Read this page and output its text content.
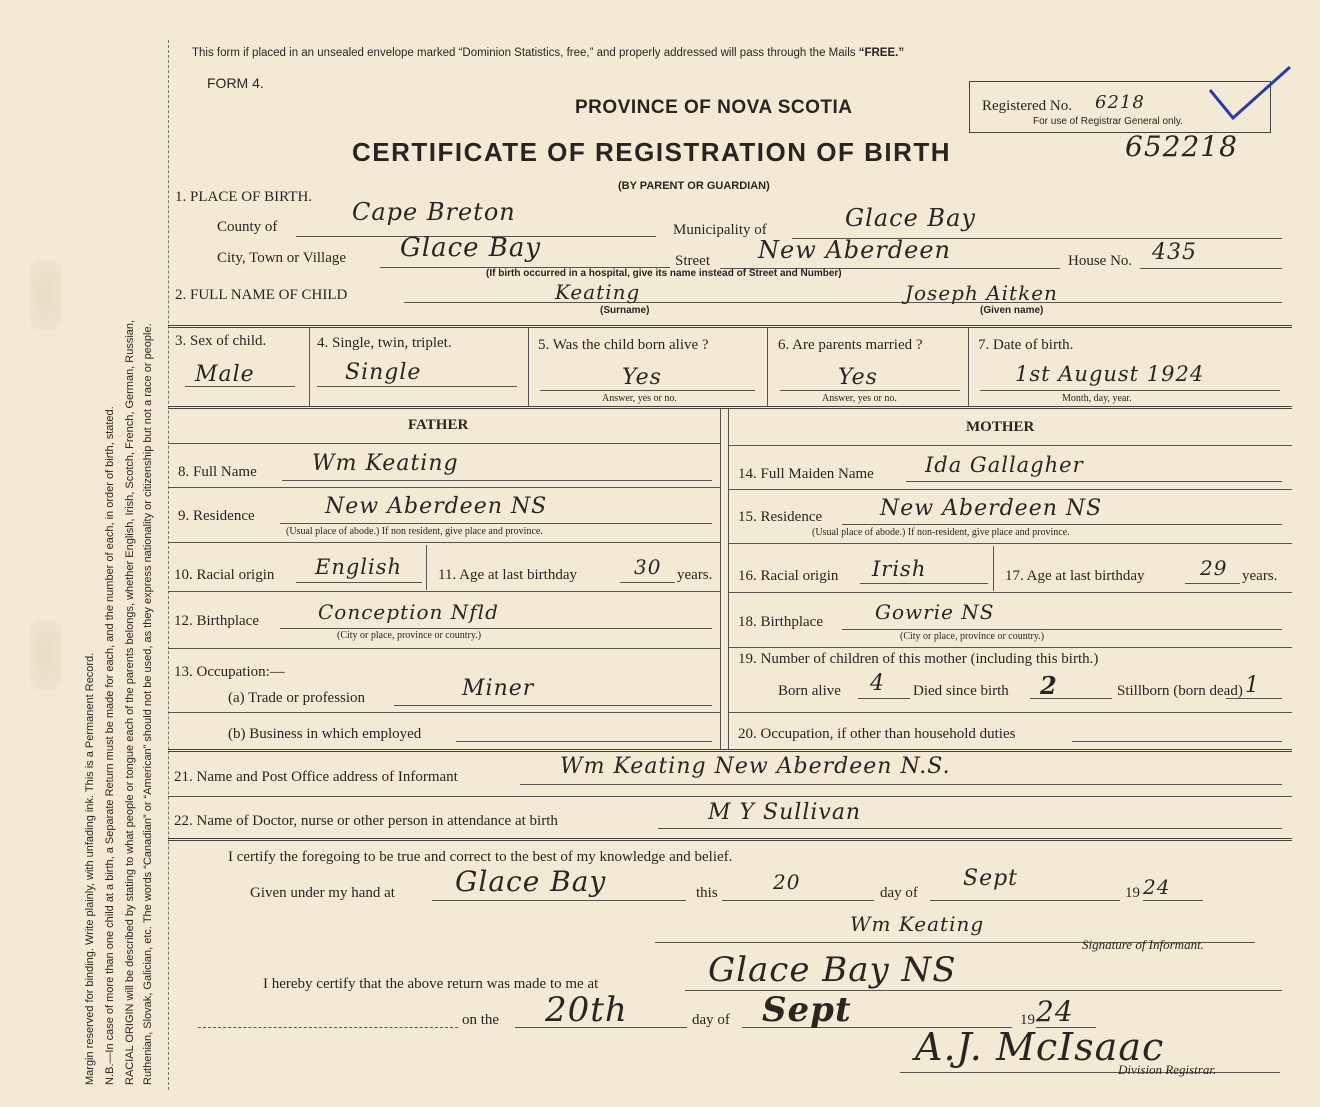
Margin reserved for binding. Write plainly, with unfading ink. This is a Permanent Record. N.B.—In case of more than one child at a birth, a Separate Return must be made for each, and the number of each, in order of birth, stated. RACIAL ORIGIN will be described by stating to what people or tongue each of the parents belongs, whether English, Irish, Scotch, French, German, Russian, Ruthenian, Slovak, Galician, etc. The words “Canadian” or “American” should not be used, as they express nationality or citizenship but not a race or people.
This form if placed in an unsealed envelope marked “Dominion Statistics, free,” and properly addressed will pass through the Mails “FREE.”
FORM 4.
PROVINCE OF NOVA SCOTIA
CERTIFICATE OF REGISTRATION OF BIRTH
(BY PARENT OR GUARDIAN)
Registered No. 6218
For use of Registrar General only.
652218
1. PLACE OF BIRTH.
County of
Cape Breton
Municipality of	Glace Bay
City, Town or Village Glace Bay	Street New Aberdeen	House No. 435
(If birth occurred in a hospital, give its name instead of Street and Number)
2. FULL NAME OF CHILD	Keating
(Surname)
Joseph Aitken
(Given name)
3. Sex of child.
Male
4. Single, twin, triplet.
Single
5. Was the child born alive ?
Yes
Answer, yes or no.
6. Are parents married ?
Yes
Answer, yes or no.
7. Date of birth.
1st August 1924
Month, day, year.
FATHER	MOTHER
8. Full Name	Wm Keating
9. Residence	New Aberdeen NS
(Usual place of abode.) If non resident, give place and province.
10. Racial origin English 11. Age at last birthday	30 years.
12. Birthplace	Conception Nfld
(City or place, province or country.)
13. Occupation:—
(a) Trade or profession	Miner
(b) Business in which employed
14. Full Maiden Name Ida Gallagher
15. Residence	New Aberdeen NS
(Usual place of abode.) If non-resident, give place and province.
16. Racial origin Irish	17. Age at last birthday	29 years.
18. Birthplace	Gowrie NS
(City or place, province or country.)
19. Number of children of this mother (including this birth.)
Born alive 4 Died since birth 2	Stillborn (born dead) 1
20. Occupation, if other than household duties
21. Name and Post Office address of Informant	Wm Keating New Aberdeen N.S.
22. Name of Doctor, nurse or other person in attendance at birth	M Y Sullivan
I certify the foregoing to be true and correct to the best of my knowledge and belief.
Given under my hand at Glace Bay	this	20	day of
Sept
19 24
Wm Keating
Signature of Informant.
I hereby certify that the above return was made to me at	Glace Bay NS
on the 20th	day of Sept	19 24
A.J. McIsaac
Division Registrar.
